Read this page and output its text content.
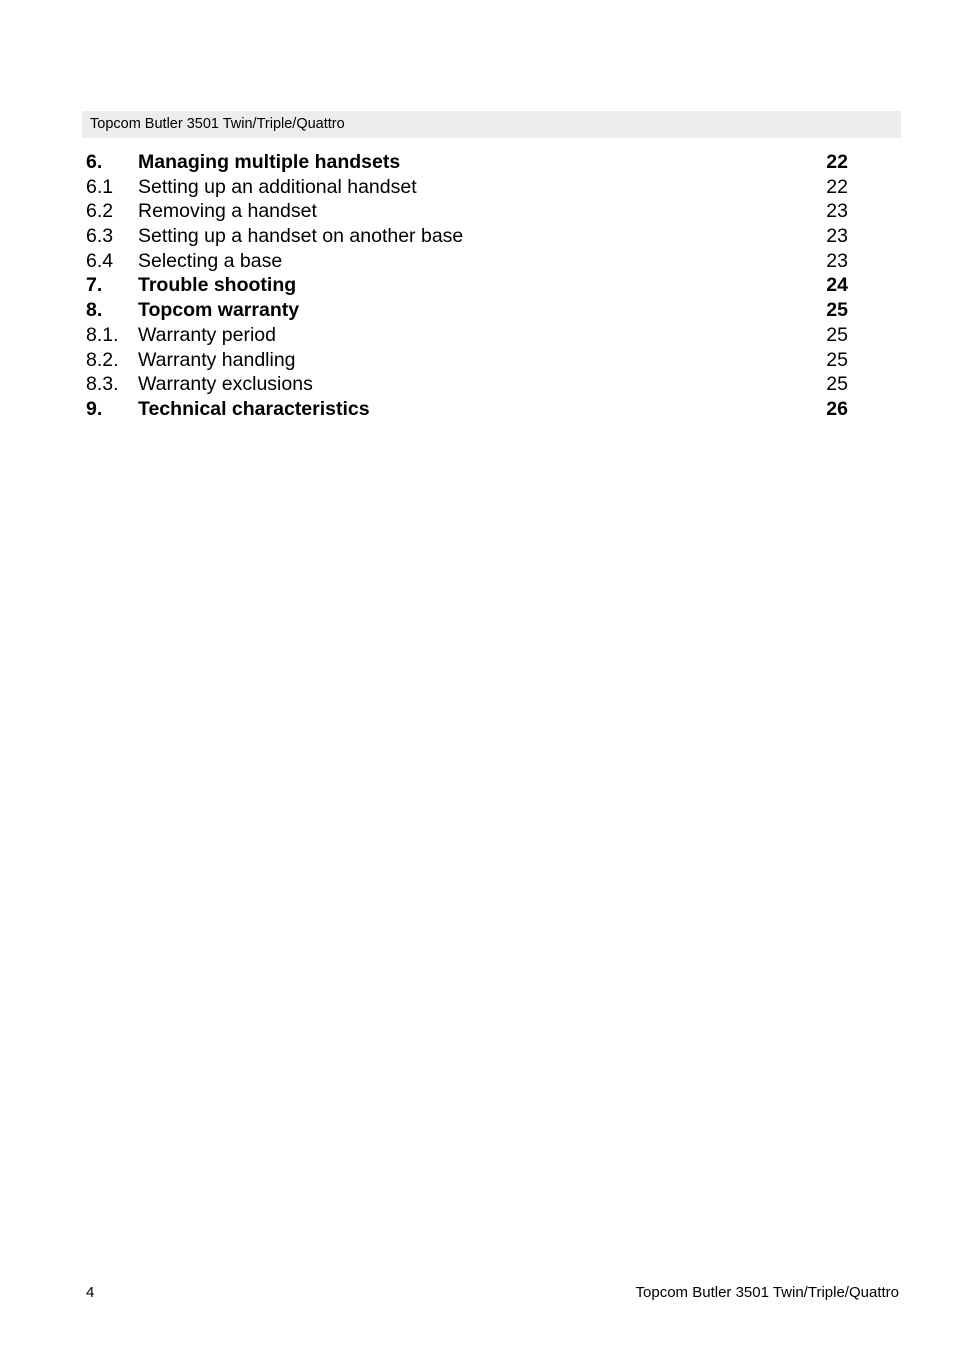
Topcom Butler 3501 Twin/Triple/Quattro
6. Managing multiple handsets	22
6.1 Setting up an additional handset	22
6.2 Removing a handset	23
6.3 Setting up a handset on another base	23
6.4 Selecting a base	23
7. Trouble shooting	24
8. Topcom warranty	25
8.1. Warranty period	25
8.2. Warranty handling	25
8.3. Warranty exclusions	25
9. Technical characteristics	26
4	Topcom Butler 3501 Twin/Triple/Quattro
